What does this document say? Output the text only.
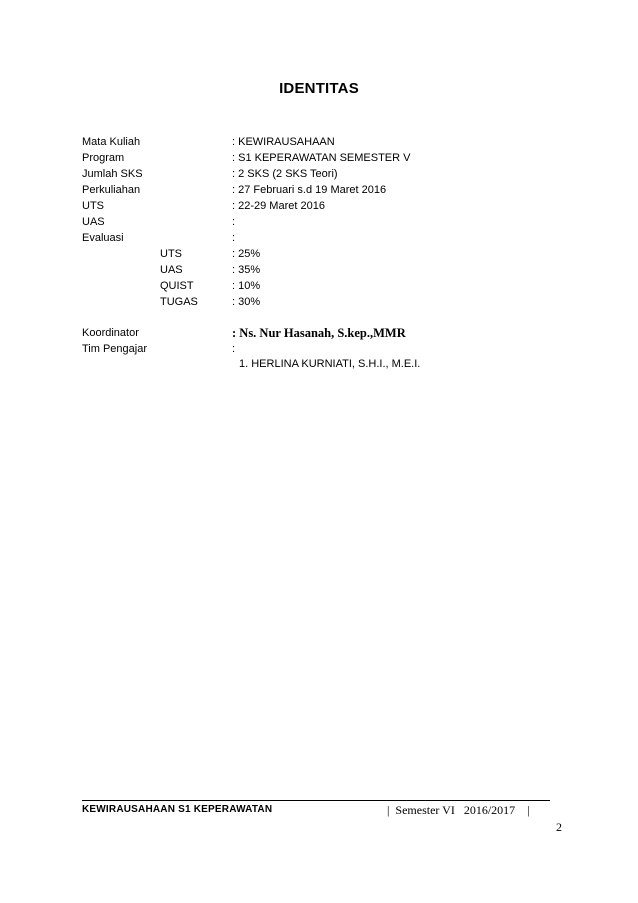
IDENTITAS
Mata Kuliah	: KEWIRAUSAHAAN
Program	: S1 KEPERAWATAN SEMESTER V
Jumlah SKS	: 2 SKS (2 SKS Teori)
Perkuliahan	: 27 Februari s.d 19 Maret 2016
UTS	: 22-29 Maret 2016
UAS	:
Evaluasi	:
UTS	: 25%
UAS	: 35%
QUIST	: 10%
TUGAS	: 30%
Koordinator	: Ns. Nur Hasanah, S.kep.,MMR
Tim Pengajar	:
1. HERLINA KURNIATI, S.H.I., M.E.I.
KEWIRAUSAHAAN S1 KEPERAWATAN	|  Semester VI   2016/2017    |
2
